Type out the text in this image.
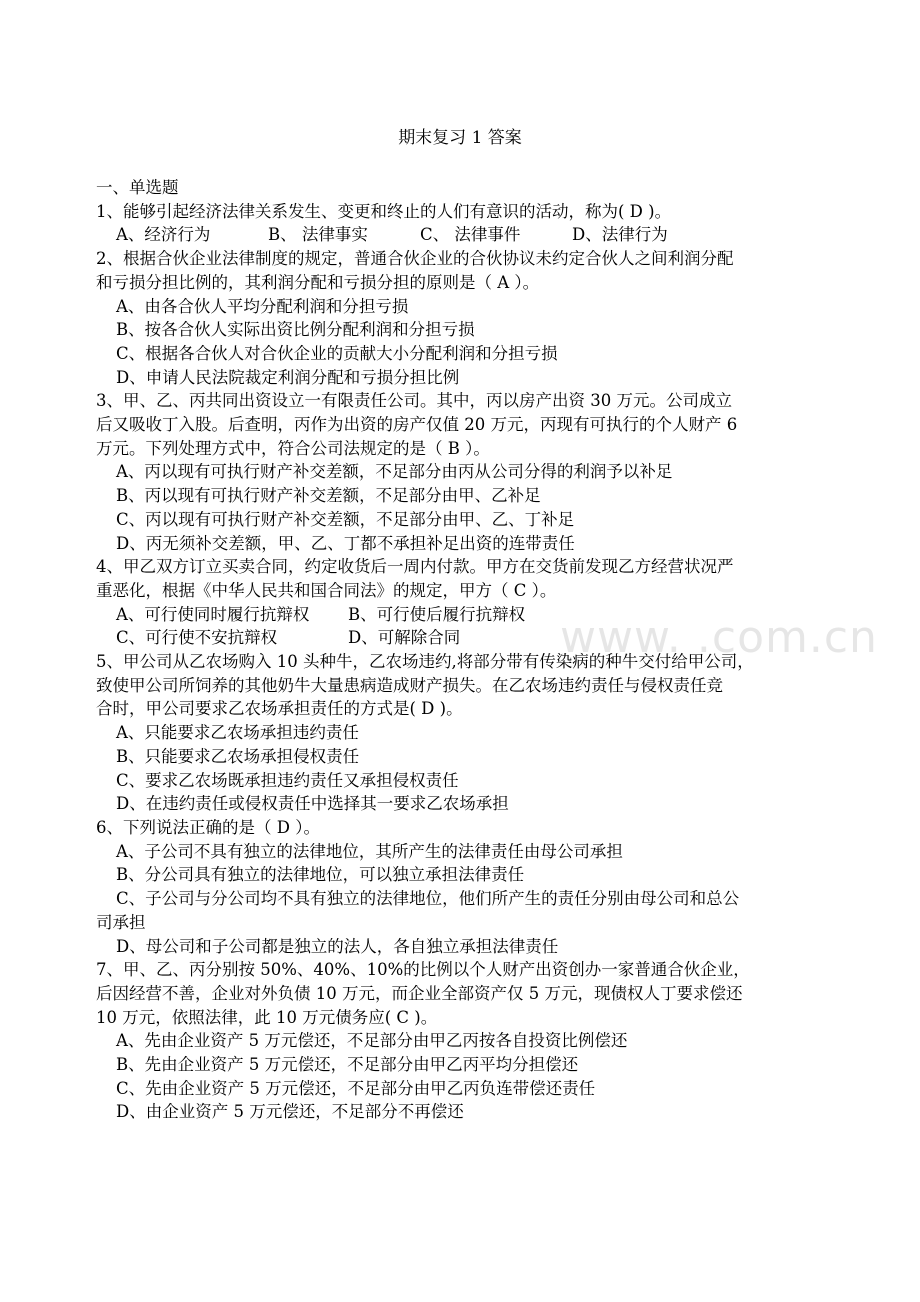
www. .com.cn
期末复习 1 答案

一、单选题

1、能够引起经济法律关系发生、变更和终止的人们有意识的活动，称为( D )。

A、经济行为	B、 法律事实	C、 法律事件	D、法律行为

2、根据合伙企业法律制度的规定，普通合伙企业的合伙协议未约定合伙人之间利润分配

和亏损分担比例的，其利润分配和亏损分担的原则是（ A ）。

A、由各合伙人平均分配利润和分担亏损

B、按各合伙人实际出资比例分配利润和分担亏损

C、根据各合伙人对合伙企业的贡献大小分配利润和分担亏损

D、申请人民法院裁定利润分配和亏损分担比例

3、甲、乙、丙共同出资设立一有限责任公司。其中，丙以房产出资 30 万元。公司成立

后又吸收丁入股。后查明，丙作为出资的房产仅值 20 万元，丙现有可执行的个人财产 6

万元。下列处理方式中，符合公司法规定的是（ B ）。

A、丙以现有可执行财产补交差额，不足部分由丙从公司分得的利润予以补足

B、丙以现有可执行财产补交差额，不足部分由甲、乙补足

C、丙以现有可执行财产补交差额，不足部分由甲、乙、丁补足

D、丙无须补交差额，甲、乙、丁都不承担补足出资的连带责任

4、甲乙双方订立买卖合同，约定收货后一周内付款。甲方在交货前发现乙方经营状况严

重恶化，根据《中华人民共和国合同法》的规定，甲方（ C ）。

A、可行使同时履行抗辩权 B、可行使后履行抗辩权

C、可行使不安抗辩权	D、可解除合同

5、甲公司从乙农场购入 10 头种牛，乙农场违约,将部分带有传染病的种牛交付给甲公司，

致使甲公司所饲养的其他奶牛大量患病造成财产损失。在乙农场违约责任与侵权责任竞

合时，甲公司要求乙农场承担责任的方式是( D )。

A、只能要求乙农场承担违约责任

B、只能要求乙农场承担侵权责任

C、要求乙农场既承担违约责任又承担侵权责任

D、在违约责任或侵权责任中选择其一要求乙农场承担

6、下列说法正确的是（ D ）。

A、子公司不具有独立的法律地位，其所产生的法律责任由母公司承担

B、分公司具有独立的法律地位，可以独立承担法律责任

C、子公司与分公司均不具有独立的法律地位，他们所产生的责任分别由母公司和总公

司承担

D、母公司和子公司都是独立的法人，各自独立承担法律责任

7、甲、乙、丙分别按 50%、40%、10%的比例以个人财产出资创办一家普通合伙企业，

后因经营不善，企业对外负债 10 万元，而企业全部资产仅 5 万元，现债权人丁要求偿还

10 万元，依照法律，此 10 万元债务应( C )。

A、先由企业资产 5 万元偿还，不足部分由甲乙丙按各自投资比例偿还

B、先由企业资产 5 万元偿还，不足部分由甲乙丙平均分担偿还

C、先由企业资产 5 万元偿还，不足部分由甲乙丙负连带偿还责任

D、由企业资产 5 万元偿还，不足部分不再偿还
